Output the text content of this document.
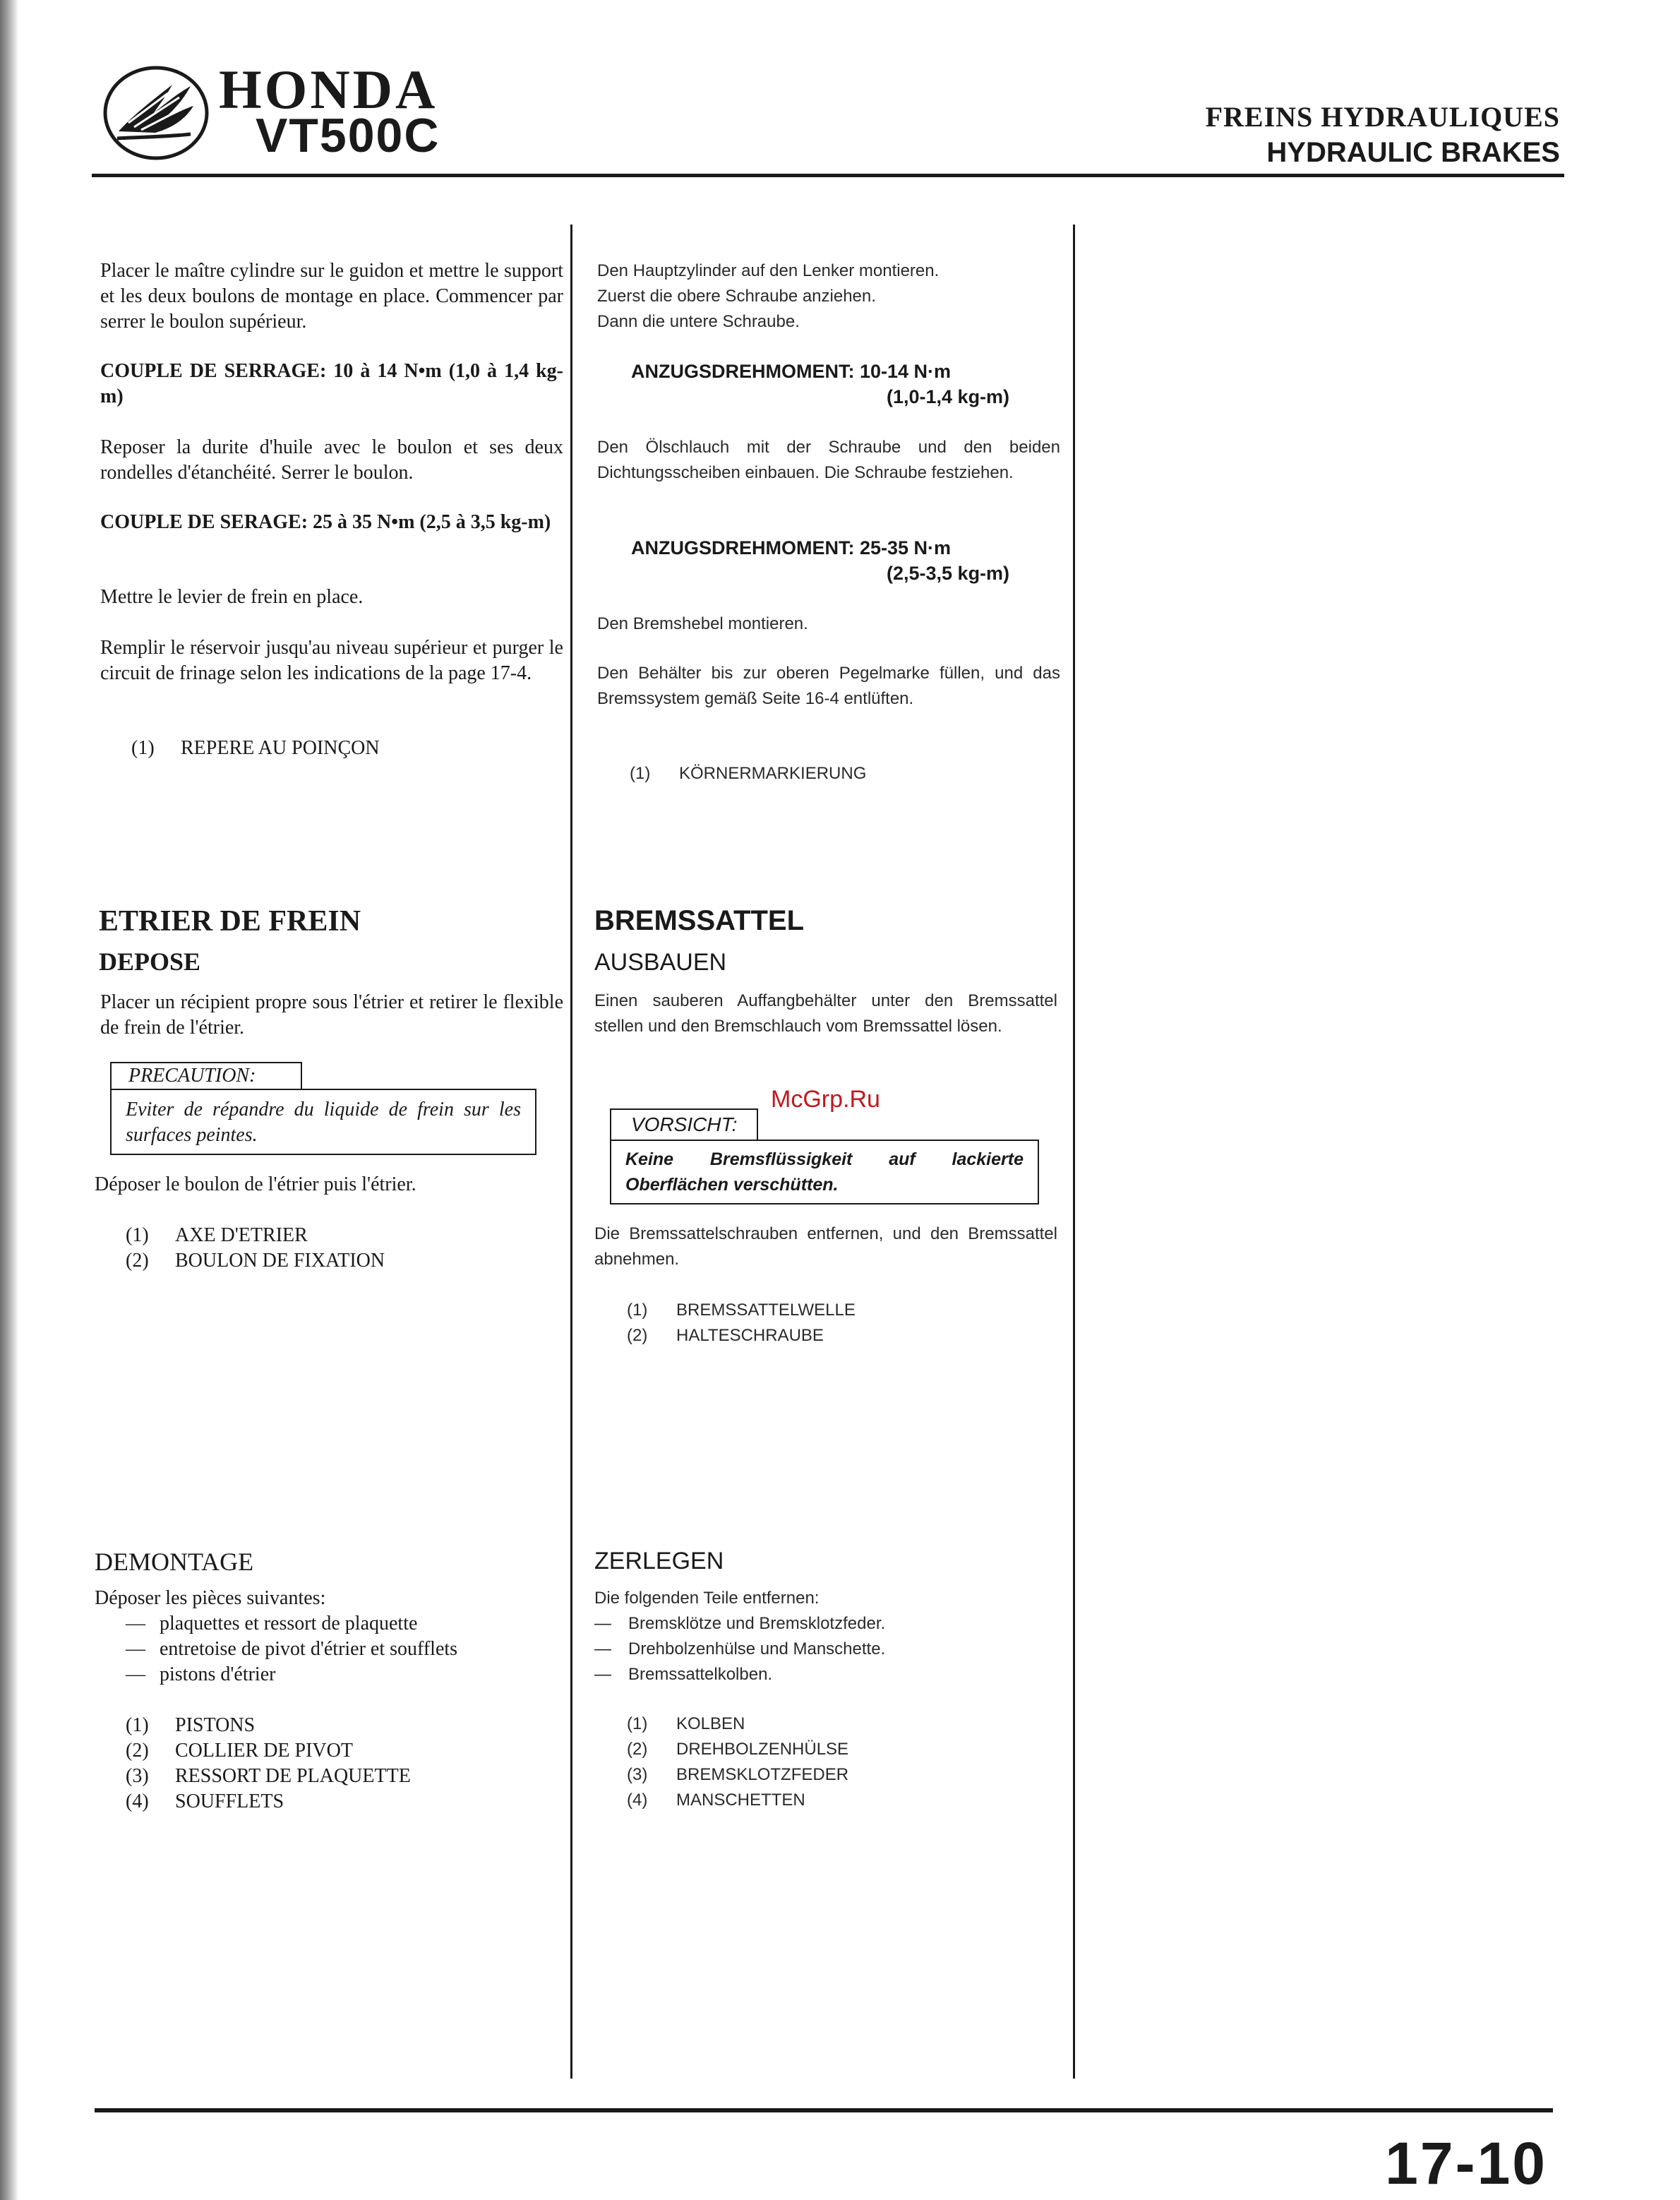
HONDA
VT500C	FREINS HYDRAULIQUES
HYDRAULIC BRAKES
Placer le maître cylindre sur le guidon et mettre le support et les deux boulons de montage en place. Commencer par serrer le boulon supérieur.
COUPLE DE SERRAGE: 10 à 14 N•m (1,0 à 1,4 kg-m)
Reposer la durite d'huile avec le boulon et ses deux rondelles d'étanchéité. Serrer le boulon.
COUPLE DE SERAGE: 25 à 35 N•m (2,5 à 3,5 kg-m)
Mettre le levier de frein en place.
Remplir le réservoir jusqu'au niveau supérieur et purger le circuit de frinage selon les indications de la page 17-4.
(1)	REPERE AU POINÇON
ETRIER DE FREIN
DEPOSE
Placer un récipient propre sous l'étrier et retirer le flexible de frein de l'étrier.
PRECAUTION:
Eviter de répandre du liquide de frein sur les surfaces peintes.
Déposer le boulon de l'étrier puis l'étrier.
(1)	AXE D'ETRIER
(2)	BOULON DE FIXATION
DEMONTAGE
Déposer les pièces suivantes:
— plaquettes et ressort de plaquette
— entretoise de pivot d'étrier et soufflets
— pistons d'étrier
(1)	PISTONS
(2)	COLLIER DE PIVOT
(3)	RESSORT DE PLAQUETTE
(4)	SOUFFLETS
Den Hauptzylinder auf den Lenker montieren.
Zuerst die obere Schraube anziehen.
Dann die untere Schraube.
ANZUGSDREHMOMENT: 10-14 N·m
(1,0-1,4 kg-m)
Den Ölschlauch mit der Schraube und den beiden Dichtungsscheiben einbauen. Die Schraube festziehen.
ANZUGSDREHMOMENT: 25-35 N·m
(2,5-3,5 kg-m)
Den Bremshebel montieren.
Den Behälter bis zur oberen Pegelmarke füllen, und das Bremssystem gemäß Seite 16-4 entlüften.
(1)	KÖRNERMARKIERUNG
BREMSSATTEL
AUSBAUEN
Einen sauberen Auffangbehälter unter den Bremssattel stellen und den Bremschlauch vom Bremssattel lösen.
McGrp.Ru
VORSICHT:
Keine Bremsflüssigkeit auf lackierte Oberflächen verschütten.
Die Bremssattelschrauben entfernen, und den Bremssattel abnehmen.
(1)	BREMSSATTELWELLE
(2)	HALTESCHRAUBE
ZERLEGEN
Die folgenden Teile entfernen:
—	Bremsklötze und Bremsklotzfeder.
—	Drehbolzenhülse und Manschette.
—	Bremssattelkolben.
(1)	KOLBEN
(2)	DREHBOLZENHÜLSE
(3)	BREMSKLOTZFEDER
(4)	MANSCHETTEN
17-10
